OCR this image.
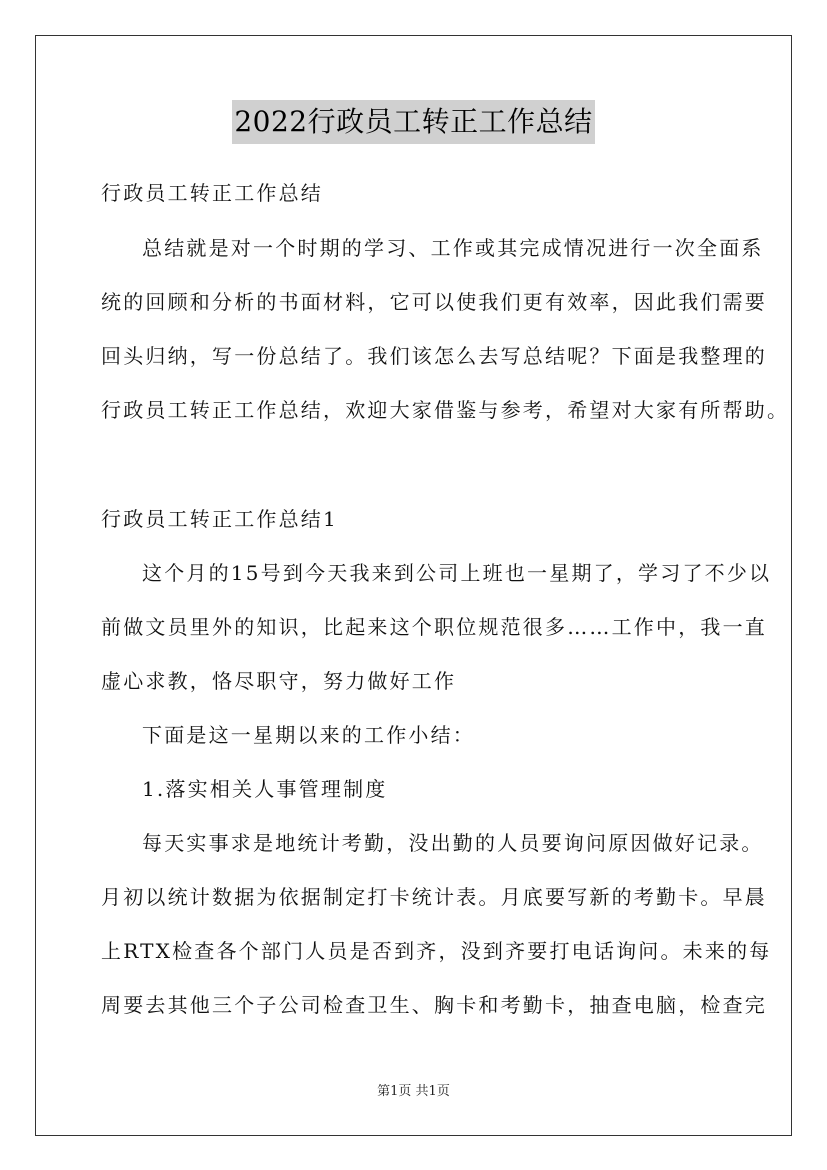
2022行政员工转正工作总结
行政员工转正工作总结
总结就是对一个时期的学习、工作或其完成情况进行一次全面系
统的回顾和分析的书面材料，它可以使我们更有效率，因此我们需要
回头归纳，写一份总结了。我们该怎么去写总结呢？下面是我整理的
行政员工转正工作总结，欢迎大家借鉴与参考，希望对大家有所帮助。
行政员工转正工作总结1
这个月的15号到今天我来到公司上班也一星期了，学习了不少以
前做文员里外的知识，比起来这个职位规范很多……工作中，我一直
虚心求教，恪尽职守，努力做好工作
下面是这一星期以来的工作小结：
1.落实相关人事管理制度
每天实事求是地统计考勤，没出勤的人员要询问原因做好记录。
月初以统计数据为依据制定打卡统计表。月底要写新的考勤卡。早晨
上RTX检查各个部门人员是否到齐，没到齐要打电话询问。未来的每
周要去其他三个子公司检查卫生、胸卡和考勤卡，抽查电脑，检查完
第1页 共1页
